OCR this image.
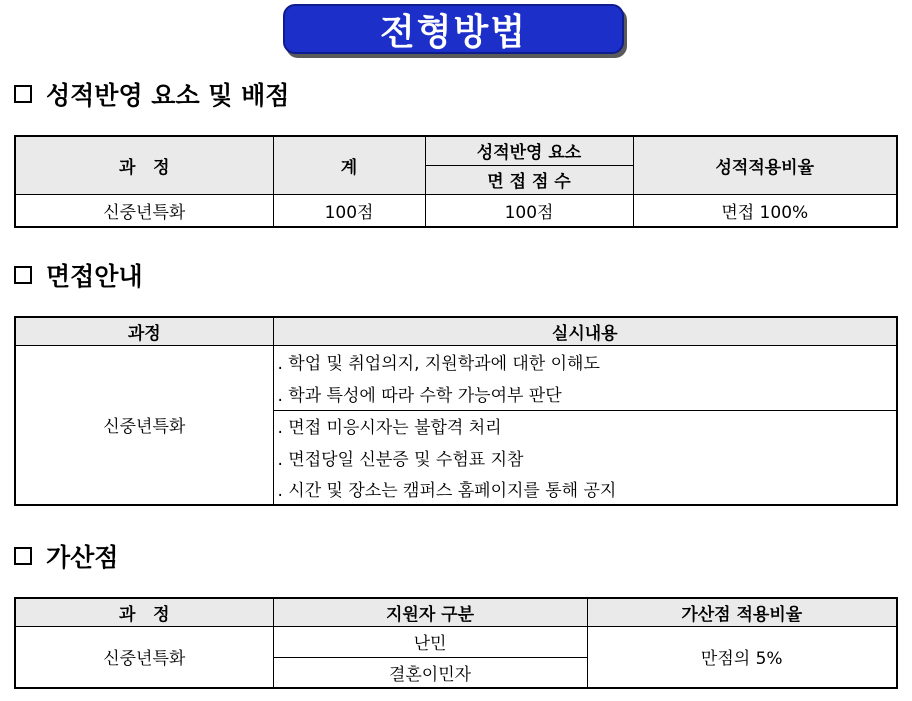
전형방법
성적반영 요소 및 배점
과   정	계	성적반영 요소	성적적용비율
		면 접 점 수	
신중년특화	100점	100점	면접 100%
면접안내
과정	실시내용
신중년특화	. 학업 및 취업의지, 지원학과에 대한 이해도
	. 학과 특성에 따라 수학 가능여부 판단
	. 면접 미응시자는 불합격 처리
	. 면접당일 신분증 및 수험표 지참
	. 시간 및 장소는 캠퍼스 홈페이지를 통해 공지
가산점
과   정	지원자 구분	가산점 적용비율
신중년특화	난민	만점의 5%
	결혼이민자	
